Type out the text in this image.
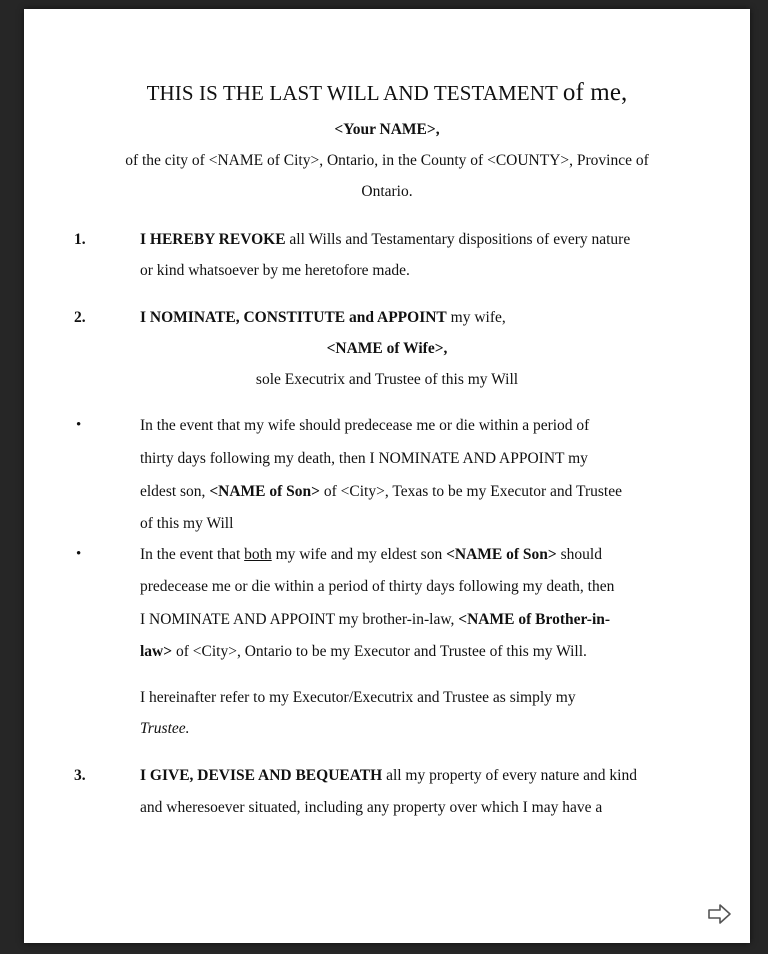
THIS IS THE LAST WILL AND TESTAMENT of me,
<Your NAME>,
of the city of <NAME of City>, Ontario, in the County of <COUNTY>, Province of
Ontario.
1.	I HEREBY REVOKE all Wills and Testamentary dispositions of every nature
or kind whatsoever by me heretofore made.
2.	I NOMINATE, CONSTITUTE and APPOINT my wife,
<NAME of Wife>,
sole Executrix and Trustee of this my Will
•	In the event that my wife should predecease me or die within a period of
thirty days following my death, then I NOMINATE AND APPOINT my
eldest son, <NAME of Son> of <City>, Texas to be my Executor and Trustee
of this my Will
•	In the event that both my wife and my eldest son <NAME of Son> should
predecease me or die within a period of thirty days following my death, then
I NOMINATE AND APPOINT my brother-in-law, <NAME of Brother-in-
law> of <City>, Ontario to be my Executor and Trustee of this my Will.
I hereinafter refer to my Executor/Executrix and Trustee as simply my
Trustee.
3.	I GIVE, DEVISE AND BEQUEATH all my property of every nature and kind
and wheresoever situated, including any property over which I may have a
